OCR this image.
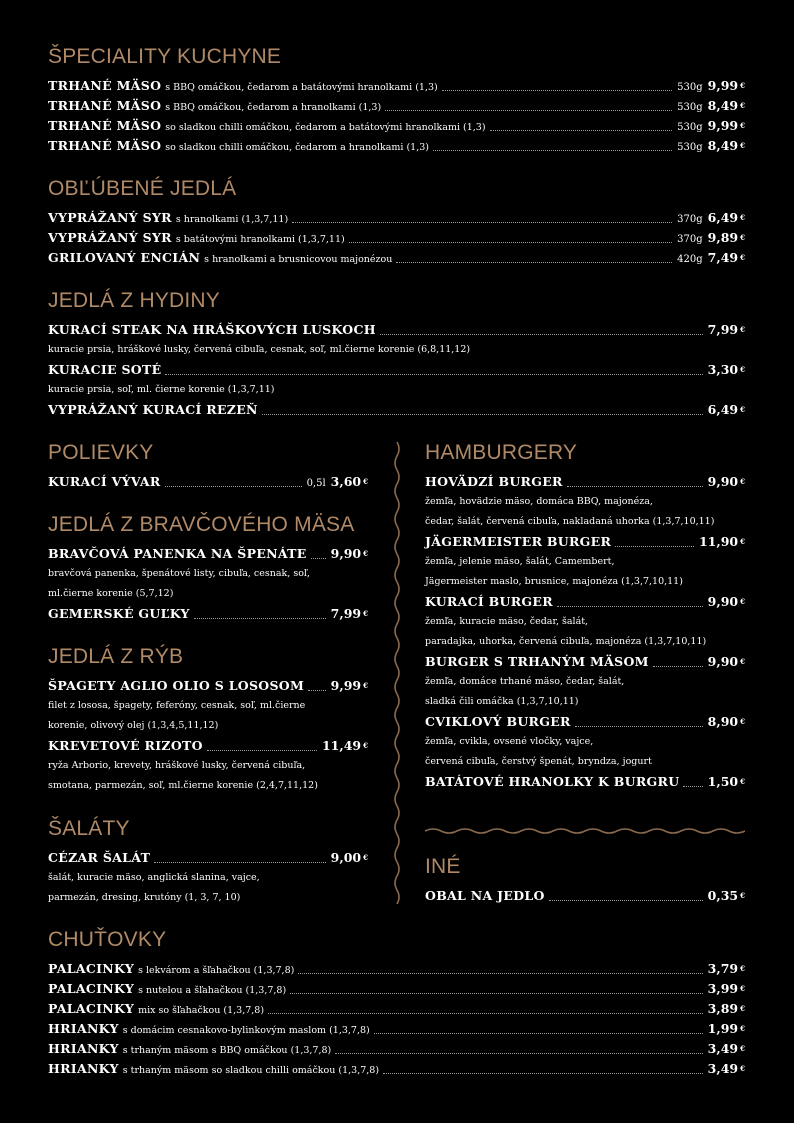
ŠPECIALITY KUCHYNE
TRHANÉ MÄSO s BBQ omáčkou, čedarom a batátovými hranolkami (1,3)	530g 9,99 €
TRHANÉ MÄSO s BBQ omáčkou, čedarom a hranolkami (1,3)	530g 8,49 €
TRHANÉ MÄSO so sladkou chilli omáčkou, čedarom a batátovými hranolkami (1,3)	530g 9,99 €
TRHANÉ MÄSO so sladkou chilli omáčkou, čedarom a hranolkami (1,3)	530g 8,49 €
OBĽÚBENÉ JEDLÁ
VYPRÁŽANÝ SYR s hranolkami (1,3,7,11)	370g 6,49 €
VYPRÁŽANÝ SYR s batátovými hranolkami (1,3,7,11)	370g 9,89 €
GRILOVANÝ ENCIÁN s hranolkami a brusnicovou majonézou	420g 7,49 €
JEDLÁ Z HYDINY
KURACÍ STEAK NA HRÁŠKOVÝCH LUSKOCH	7,99 €
kuracie prsia, hráškové lusky, červená cibuľa, cesnak, soľ, ml.čierne korenie (6,8,11,12)
KURACIE SOTÉ	3,30 €
kuracie prsia, soľ, ml. čierne korenie (1,3,7,11)
VYPRÁŽANÝ KURACÍ REZEŇ	6,49 €
POLIEVKY
KURACÍ VÝVAR	0,5l 3,60 €
JEDLÁ Z BRAVČOVÉHO MÄSA
BRAVČOVÁ PANENKA NA ŠPENÁTE 9,90 €
bravčová panenka, špenátové listy, cibuľa, cesnak, soľ,
ml.čierne korenie (5,7,12)
GEMERSKÉ GUĽKY	7,99 €
JEDLÁ Z RÝB
ŠPAGETY AGLIO OLIO S LOSOSOM 9,99 €
filet z lososa, špagety, feferóny, cesnak, soľ, ml.čierne
korenie, olivový olej (1,3,4,5,11,12)
KREVETOVÉ RIZOTO	11,49 €
ryža Arborio, krevety, hráškové lusky, červená cibuľa,
smotana, parmezán, soľ, ml.čierne korenie (2,4,7,11,12)
ŠALÁTY
CÉZAR ŠALÁT	9,00 €
šalát, kuracie mäso, anglická slanina, vajce,
parmezán, dresing, krutóny (1, 3, 7, 10)
HAMBURGERY
HOVÄDZÍ BURGER	9,90 €
žemľa, hovädzie mäso, domáca BBQ, majonéza,
čedar, šalát, červená cibuľa, nakladaná uhorka (1,3,7,10,11)
JÄGERMEISTER BURGER	11,90 €
žemľa, jelenie mäso, šalát, Camembert,
Jägermeister maslo, brusnice, majonéza (1,3,7,10,11)
KURACÍ BURGER	9,90 €
žemľa, kuracie mäso, čedar, šalát,
paradajka, uhorka, červená cibuľa, majonéza (1,3,7,10,11)
BURGER S TRHANÝM MÄSOM	9,90 €
žemľa, domáce trhané mäso, čedar, šalát,
sladká čili omáčka (1,3,7,10,11)
CVIKLOVÝ BURGER	8,90 €
žemľa, cvikla, ovsené vločky, vajce,
červená cibuľa, čerstvý špenát, bryndza, jogurt
BATÁTOVÉ HRANOLKY K BURGRU 1,50 €
INÉ
OBAL NA JEDLO	0,35 €
CHUŤOVKY
PALACINKY s lekvárom a šľahačkou (1,3,7,8)	3,79 €
PALACINKY s nutelou a šľahačkou (1,3,7,8)	3,99 €
PALACINKY mix so šľahačkou (1,3,7,8)	3,89 €
HRIANKY s domácim cesnakovo-bylinkovým maslom (1,3,7,8)	1,99 €
HRIANKY s trhaným mäsom s BBQ omáčkou (1,3,7,8)	3,49 €
HRIANKY s trhaným mäsom so sladkou chilli omáčkou (1,3,7,8)	3,49 €
